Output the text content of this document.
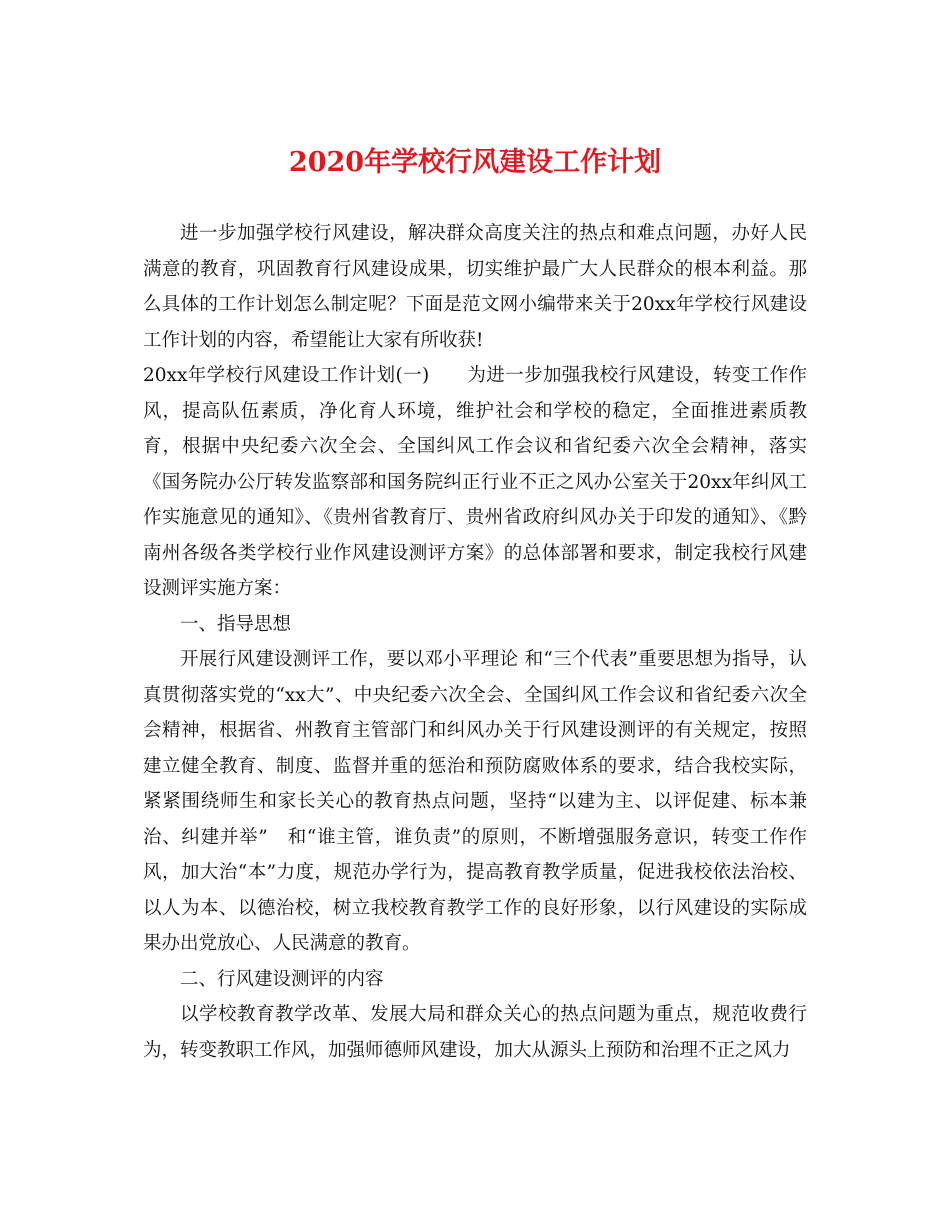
2020年学校行风建设工作计划

进一步加强学校行风建设，解决群众高度关注的热点和难点问题，办好人民满意的教育，巩固教育行风建设成果，切实维护最广大人民群众的根本利益。那么具体的工作计划怎么制定呢？下面是范文网小编带来关于20xx年学校行风建设工作计划的内容，希望能让大家有所收获!

20xx年学校行风建设工作计划(一)　　为进一步加强我校行风建设，转变工作作风，提高队伍素质，净化育人环境，维护社会和学校的稳定，全面推进素质教育，根据中央纪委六次全会、全国纠风工作会议和省纪委六次全会精神，落实《国务院办公厅转发监察部和国务院纠正行业不正之风办公室关于20xx年纠风工作实施意见的通知》、《贵州省教育厅、贵州省政府纠风办关于印发的通知》、《黔南州各级各类学校行业作风建设测评方案》的总体部署和要求，制定我校行风建设测评实施方案：

一、指导思想

开展行风建设测评工作，要以邓小平理论 和“三个代表”重要思想为指导，认真贯彻落实党的“xx大”、中央纪委六次全会、全国纠风工作会议和省纪委六次全会精神，根据省、州教育主管部门和纠风办关于行风建设测评的有关规定，按照建立健全教育、制度、监督并重的惩治和预防腐败体系的要求，结合我校实际，紧紧围绕师生和家长关心的教育热点问题，坚持“以建为主、以评促建、标本兼治、纠建并举”　和“谁主管，谁负责”的原则，不断增强服务意识，转变工作作风，加大治“本”力度，规范办学行为，提高教育教学质量，促进我校依法治校、以人为本、以德治校，树立我校教育教学工作的良好形象，以行风建设的实际成果办出党放心、人民满意的教育。

二、行风建设测评的内容

以学校教育教学改革、发展大局和群众关心的热点问题为重点，规范收费行为，转变教职工作风，加强师德师风建设，加大从源头上预防和治理不正之风力
